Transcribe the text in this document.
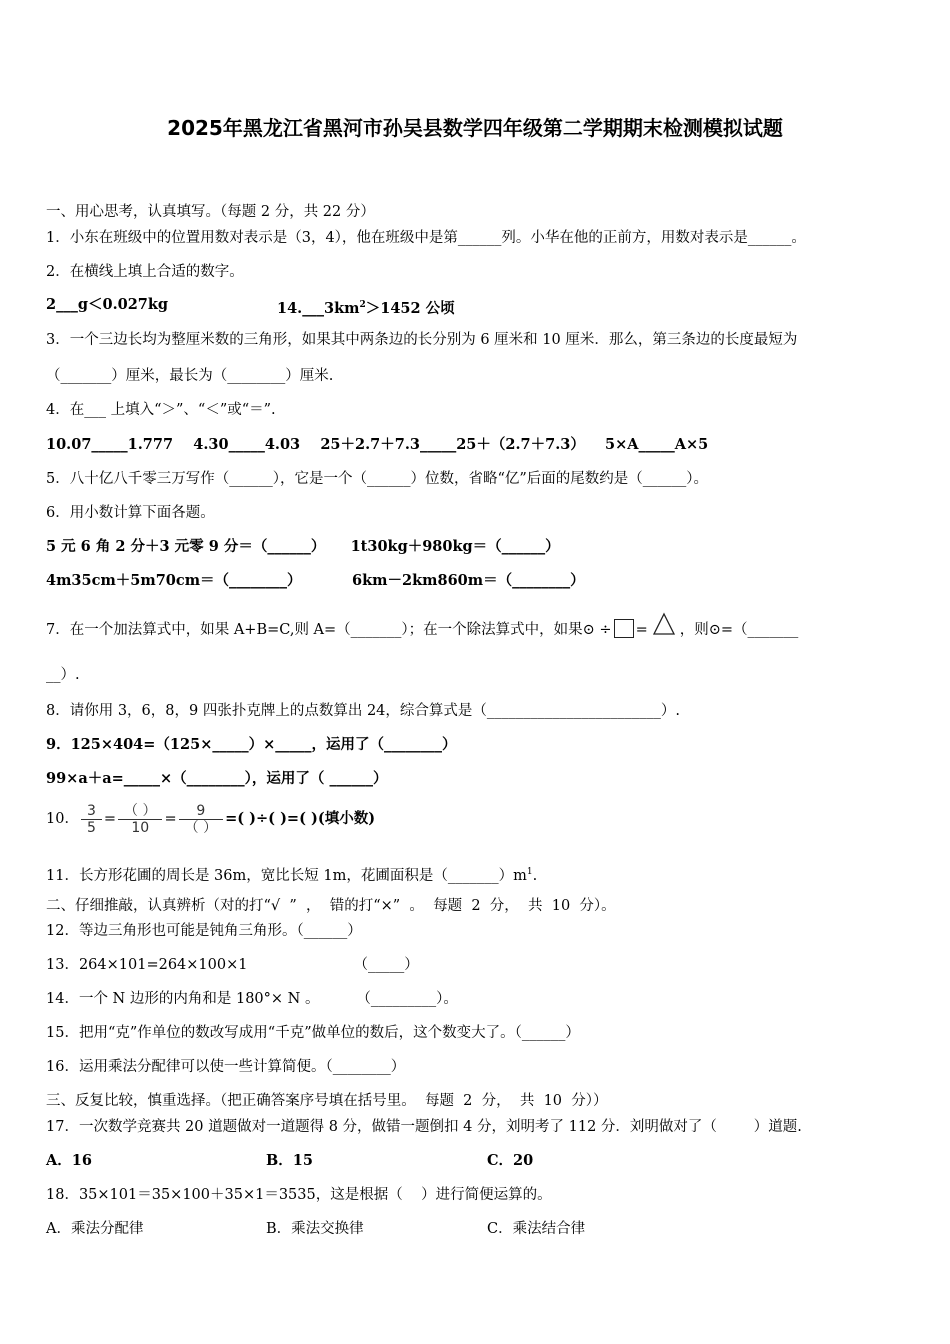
2025年黑龙江省黑河市孙吴县数学四年级第二学期期末检测模拟试题
一、用心思考，认真填写。（每题 2 分，共 22 分）
1．小东在班级中的位置用数对表示是（3，4），他在班级中是第______列。小华在他的正前方，用数对表示是______。
2．在横线上填上合适的数字。
2___g＜0.027kg	$14.\_\_\_3km^2>1452$ 公顷
3．一个三边长均为整厘米数的三角形，如果其中两条边的长分别为 6 厘米和 10 厘米．那么，第三条边的长度最短为
（_______）厘米，最长为（________）厘米.
4．在___ 上填入“＞”、“＜”或“＝”.
10.07_____1.777    4.30_____4.03    25＋2.7＋7.3_____25＋（2.7＋7.3）    5×A_____A×5
5．八十亿八千零三万写作（______），它是一个（______）位数，省略“亿”后面的尾数约是（______）。
6．用小数计算下面各题。
5 元 6 角 2 分＋3 元零 9 分＝（______）     1t30kg＋980kg＝（______）
4m35cm＋5m70cm＝（________）          6km－2km860m＝（________）
7．在一个加法算式中，如果 A+B=C,则 A=（_______）；在一个除法算式中，如果⊙ ÷ = ，则⊙=（_______
__）.
8．请你用 3，6，8，9 四张扑克牌上的点数算出 24，综合算式是（________________________）.
9．125×404=（125×_____）×_____，运用了（________）
99×a＋a=_____×（________），运用了（ ______）
10． $\frac{3}{5} = \frac{( )}{10} = \frac{9}{( )}$ =( )÷( )=( )(填小数)
11．长方形花圃的周长是 36m，宽比长短 1m，花圃面积是$(\_\_\_\_\_\_\_)m^1$.
二、仔细推敲，认真辨析（对的打“√  ”  ，  错的打“×”  。  每题  2  分，  共  10  分）。
12．等边三角形也可能是钝角三角形。（______）
13．264×101=264×100×1                       （_____）
14．一个 N 边形的内角和是 180°× N 。        （_________）。
15．把用“克”作单位的数改写成用“千克”做单位的数后，这个数变大了。（______）
16．运用乘法分配律可以使一些计算简便。（________）
三、反复比较，慎重选择。（把正确答案序号填在括号里。  每题  2  分，  共  10  分））
17．一次数学竞赛共 20 道题做对一道题得 8 分，做错一题倒扣 4 分，刘明考了 112 分．刘明做对了（        ）道题.
A．16	B．15	C．20
18．35×101＝35×100＋35×1＝3535，这是根据（    ）进行简便运算的。
A．乘法分配律	B．乘法交换律	C．乘法结合律
